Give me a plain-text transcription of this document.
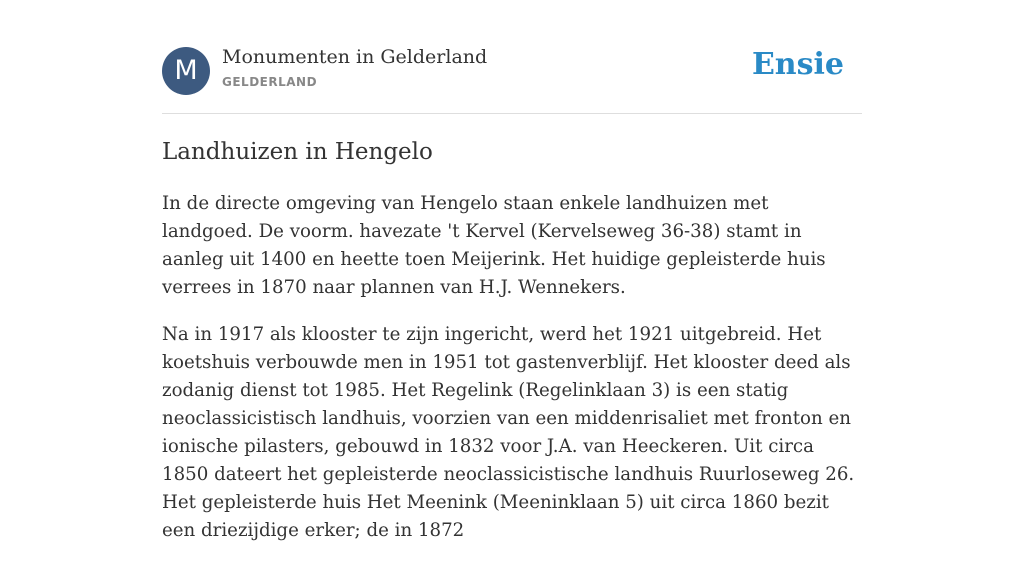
M	Monumenten in Gelderland
GELDERLAND	Ensie
Landhuizen in Hengelo

In de directe omgeving van Hengelo staan enkele landhuizen met landgoed. De voorm. havezate 't Kervel (Kervelseweg 36-38) stamt in aanleg uit 1400 en heette toen Meijerink. Het huidige gepleisterde huis verrees in 1870 naar plannen van H.J. Wennekers.

Na in 1917 als klooster te zijn ingericht, werd het 1921 uitgebreid. Het koetshuis verbouwde men in 1951 tot gastenverblijf. Het klooster deed als zodanig dienst tot 1985. Het Regelink (Regelinklaan 3) is een statig neoclassicistisch landhuis, voorzien van een middenrisaliet met fronton en ionische pilasters, gebouwd in 1832 voor J.A. van Heeckeren. Uit circa 1850 dateert het gepleisterde neoclassicistische landhuis Ruurloseweg 26. Het gepleisterde huis Het Meenink (Meeninklaan 5) uit circa 1860 bezit een driezijdige erker; de in 1872
